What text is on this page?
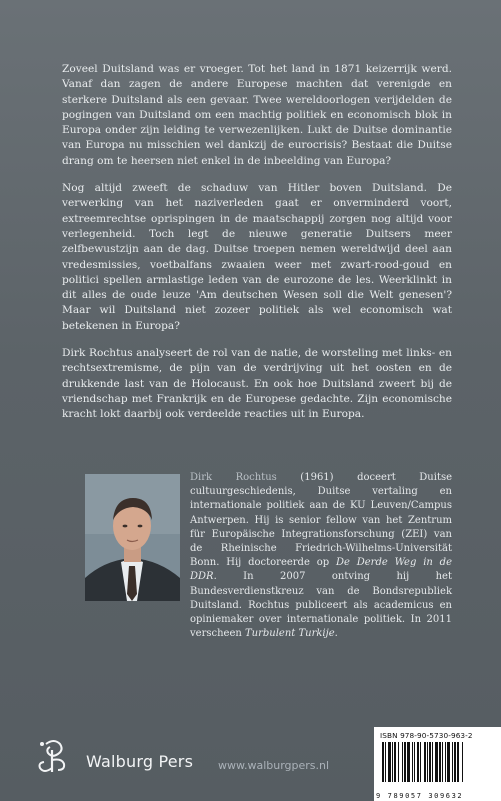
Zoveel Duitsland was er vroeger. Tot het land in 1871 keizerrijk werd. Vanaf dan zagen de andere Europese machten dat verenigde en sterkere Duitsland als een gevaar. Twee wereldoorlogen verijdelden de pogingen van Duitsland om een machtig politiek en economisch blok in Europa onder zijn leiding te verwezenlijken. Lukt de Duitse dominantie van Europa nu misschien wel dankzij de eurocrisis? Bestaat die Duitse drang om te heersen niet enkel in de inbeelding van Europa?

Nog altijd zweeft de schaduw van Hitler boven Duitsland. De verwerking van het naziverleden gaat er onverminderd voort, extreemrechtse oprispingen in de maatschappij zorgen nog altijd voor verlegenheid. Toch legt de nieuwe generatie Duitsers meer zelfbewustzijn aan de dag. Duitse troepen nemen wereldwijd deel aan vredesmissies, voetbalfans zwaaien weer met zwart-rood-goud en politici spellen armlastige leden van de eurozone de les. Weerklinkt in dit alles de oude leuze 'Am deutschen Wesen soll die Welt genesen'? Maar wil Duitsland niet zozeer politiek als wel economisch wat betekenen in Europa?

Dirk Rochtus analyseert de rol van de natie, de worsteling met links- en rechtsextremisme, de pijn van de verdrijving uit het oosten en de drukkende last van de Holocaust. En ook hoe Duitsland zweert bij de vriendschap met Frankrijk en de Europese gedachte. Zijn economische kracht lokt daarbij ook verdeelde reacties uit in Europa.

Dirk Rochtus (1961) doceert Duitse cultuurgeschiedenis, Duitse vertaling en internationale politiek aan de KU Leuven/Campus Antwerpen. Hij is senior fellow van het Zentrum für Europäische Integrationsforschung (ZEI) van de Rheinische Friedrich-Wilhelms-Universität Bonn. Hij doctoreerde op De Derde Weg in de DDR. In 2007 ontving hij het Bundesverdienstkreuz van de Bondsrepubliek Duitsland. Rochtus publiceert als academicus en opiniemaker over internationale politiek. In 2011 verscheen Turbulent Turkije.
Walburg Pers www.walburgpers.nl
ISBN 978-90-5730-963-2
9 789057 309632
